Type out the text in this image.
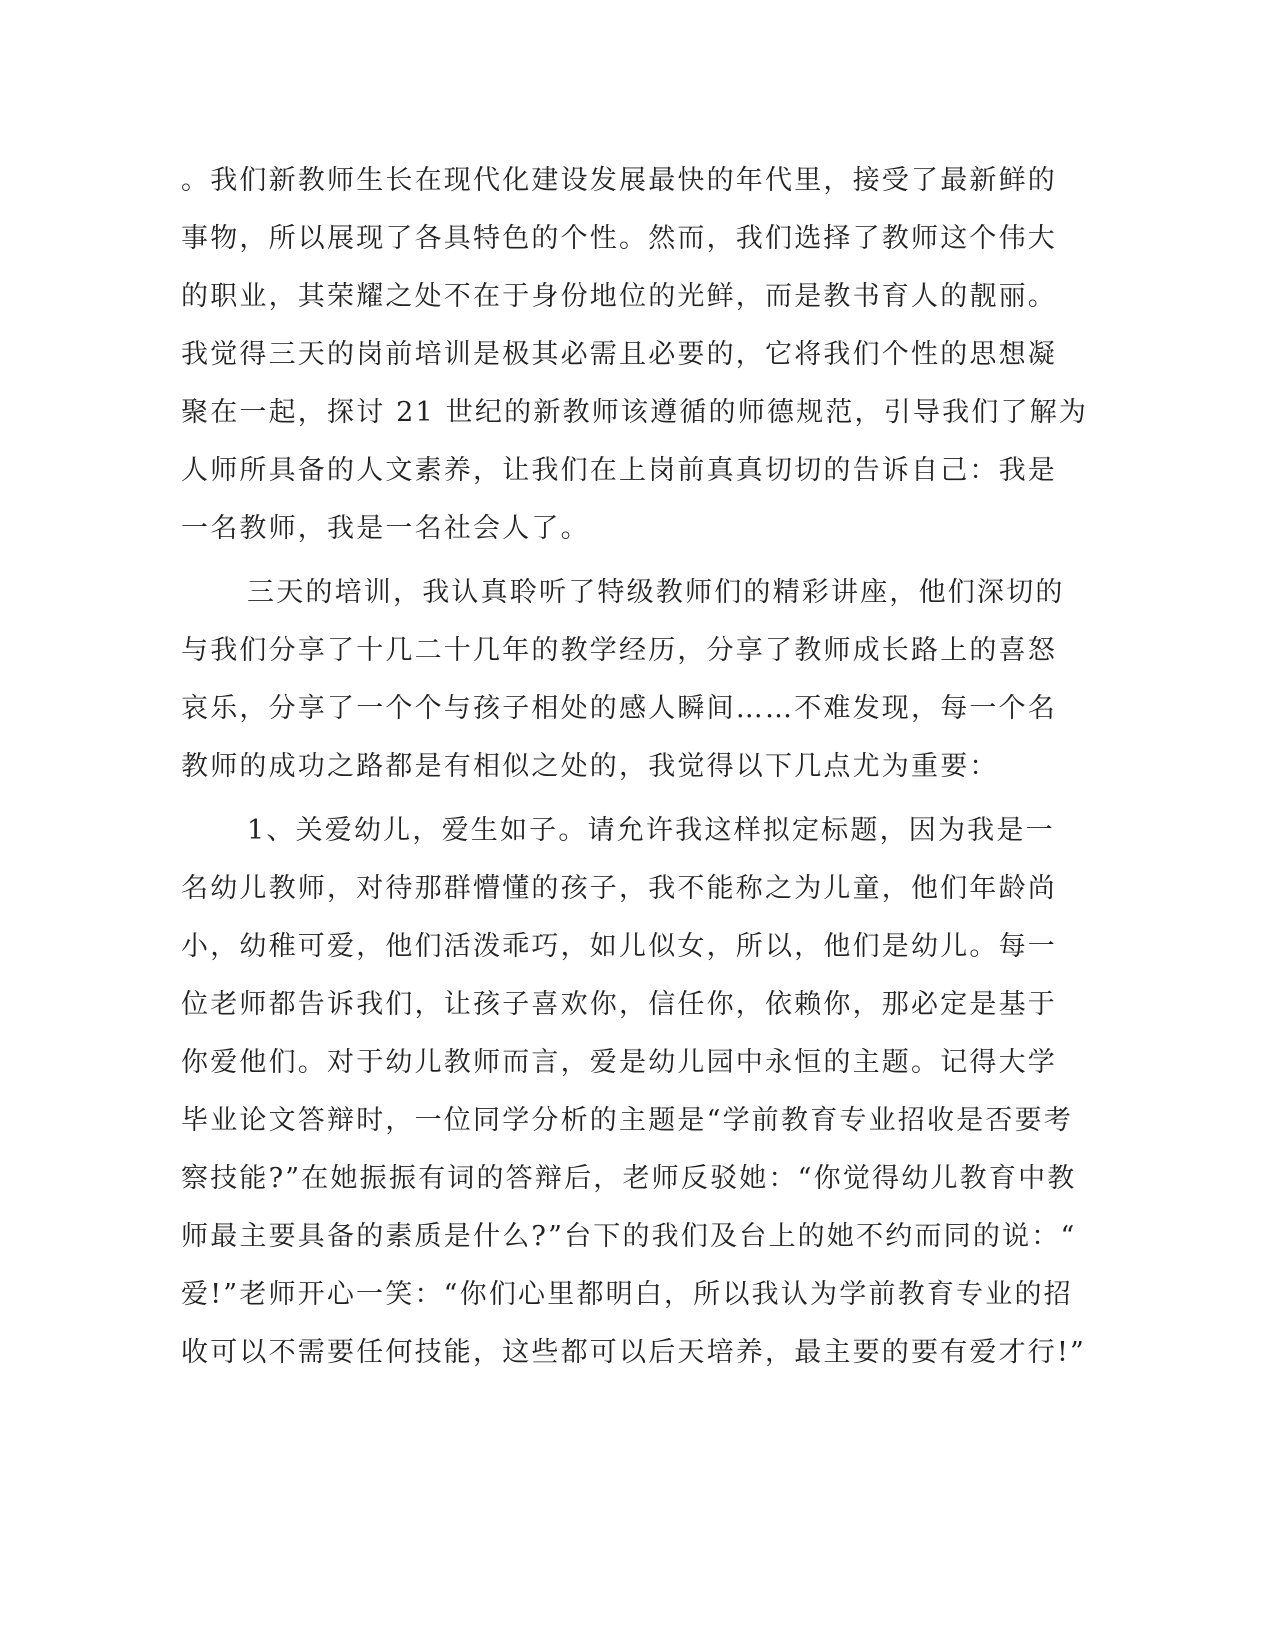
。我们新教师生长在现代化建设发展最快的年代里，接受了最新鲜的
事物，所以展现了各具特色的个性。然而，我们选择了教师这个伟大
的职业，其荣耀之处不在于身份地位的光鲜，而是教书育人的靓丽。
我觉得三天的岗前培训是极其必需且必要的，它将我们个性的思想凝
聚在一起，探讨 21 世纪的新教师该遵循的师德规范，引导我们了解为
人师所具备的人文素养，让我们在上岗前真真切切的告诉自己：我是
一名教师，我是一名社会人了。
三天的培训，我认真聆听了特级教师们的精彩讲座，他们深切的
与我们分享了十几二十几年的教学经历，分享了教师成长路上的喜怒
哀乐，分享了一个个与孩子相处的感人瞬间……不难发现，每一个名
教师的成功之路都是有相似之处的，我觉得以下几点尤为重要：
1、关爱幼儿，爱生如子。请允许我这样拟定标题，因为我是一
名幼儿教师，对待那群懵懂的孩子，我不能称之为儿童，他们年龄尚
小，幼稚可爱，他们活泼乖巧，如儿似女，所以，他们是幼儿。每一
位老师都告诉我们，让孩子喜欢你，信任你，依赖你，那必定是基于
你爱他们。对于幼儿教师而言，爱是幼儿园中永恒的主题。记得大学
毕业论文答辩时，一位同学分析的主题是“学前教育专业招收是否要考
察技能?”在她振振有词的答辩后，老师反驳她：“你觉得幼儿教育中教
师最主要具备的素质是什么?”台下的我们及台上的她不约而同的说：“
爱!”老师开心一笑：“你们心里都明白，所以我认为学前教育专业的招
收可以不需要任何技能，这些都可以后天培养，最主要的要有爱才行!”
